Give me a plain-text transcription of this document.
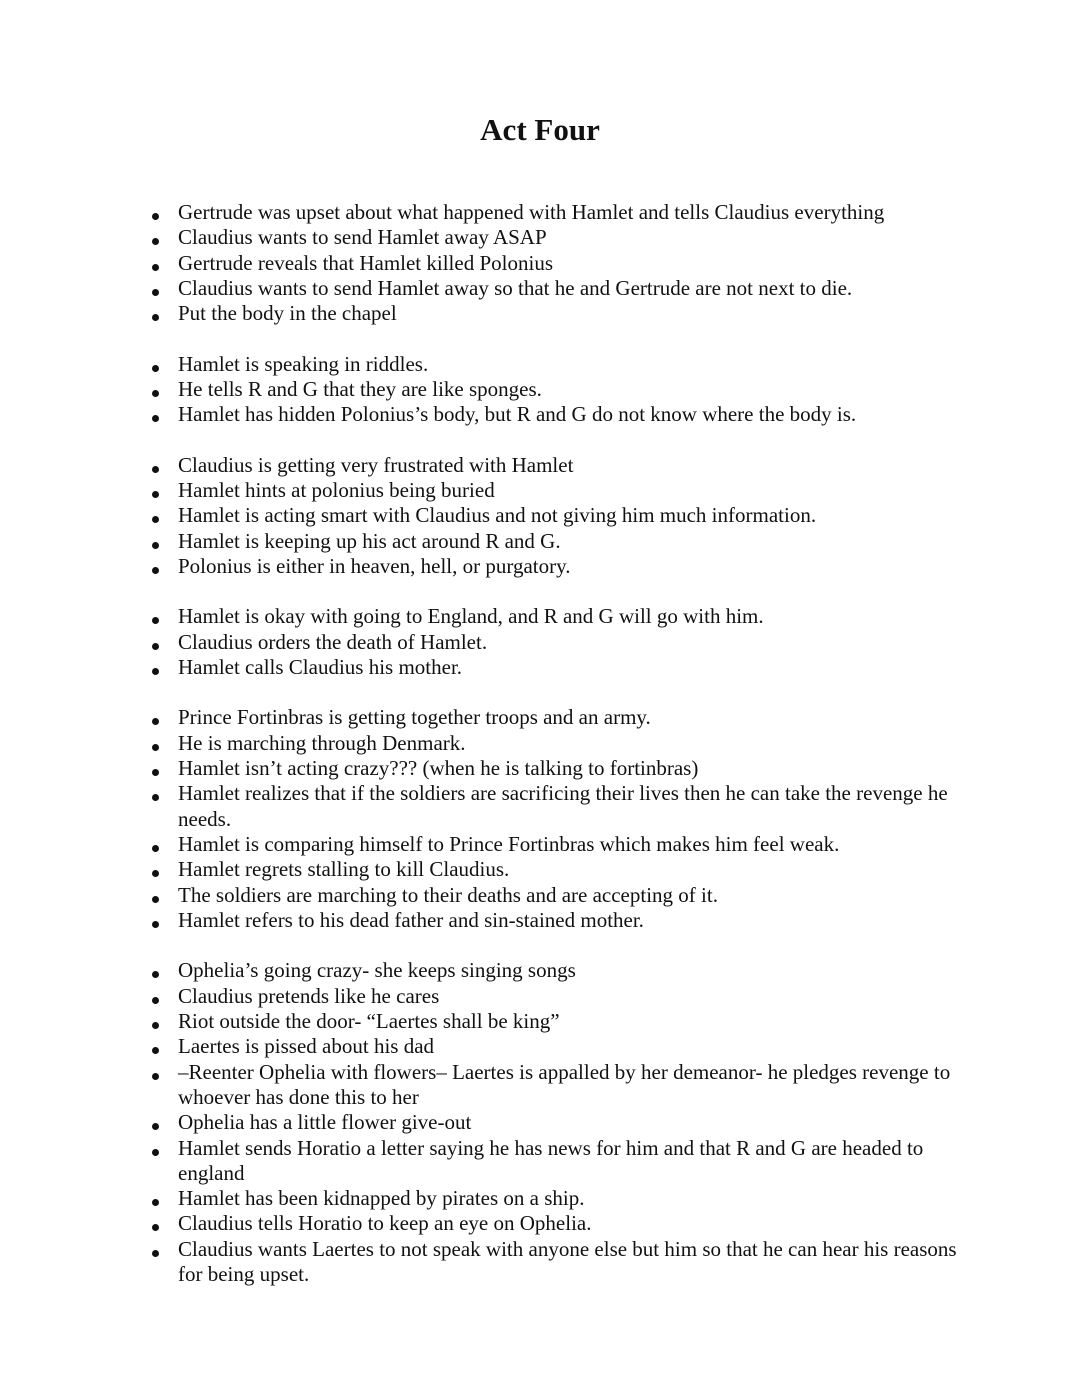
Act Four
Gertrude was upset about what happened with Hamlet and tells Claudius everything
Claudius wants to send Hamlet away ASAP
Gertrude reveals that Hamlet killed Polonius
Claudius wants to send Hamlet away so that he and Gertrude are not next to die.
Put the body in the chapel
Hamlet is speaking in riddles.
He tells R and G that they are like sponges.
Hamlet has hidden Polonius’s body, but R and G do not know where the body is.
Claudius is getting very frustrated with Hamlet
Hamlet hints at polonius being buried
Hamlet is acting smart with Claudius and not giving him much information.
Hamlet is keeping up his act around R and G.
Polonius is either in heaven, hell, or purgatory.
Hamlet is okay with going to England, and R and G will go with him.
Claudius orders the death of Hamlet.
Hamlet calls Claudius his mother.
Prince Fortinbras is getting together troops and an army.
He is marching through Denmark.
Hamlet isn’t acting crazy??? (when he is talking to fortinbras)
Hamlet realizes that if the soldiers are sacrificing their lives then he can take the revenge he needs.
Hamlet is comparing himself to Prince Fortinbras which makes him feel weak.
Hamlet regrets stalling to kill Claudius.
The soldiers are marching to their deaths and are accepting of it.
Hamlet refers to his dead father and sin-stained mother.
Ophelia’s going crazy- she keeps singing songs
Claudius pretends like he cares
Riot outside the door- “Laertes shall be king”
Laertes is pissed about his dad
–Reenter Ophelia with flowers– Laertes is appalled by her demeanor- he pledges revenge to whoever has done this to her
Ophelia has a little flower give-out
Hamlet sends Horatio a letter saying he has news for him and that R and G are headed to england
Hamlet has been kidnapped by pirates on a ship.
Claudius tells Horatio to keep an eye on Ophelia.
Claudius wants Laertes to not speak with anyone else but him so that he can hear his reasons for being upset.
